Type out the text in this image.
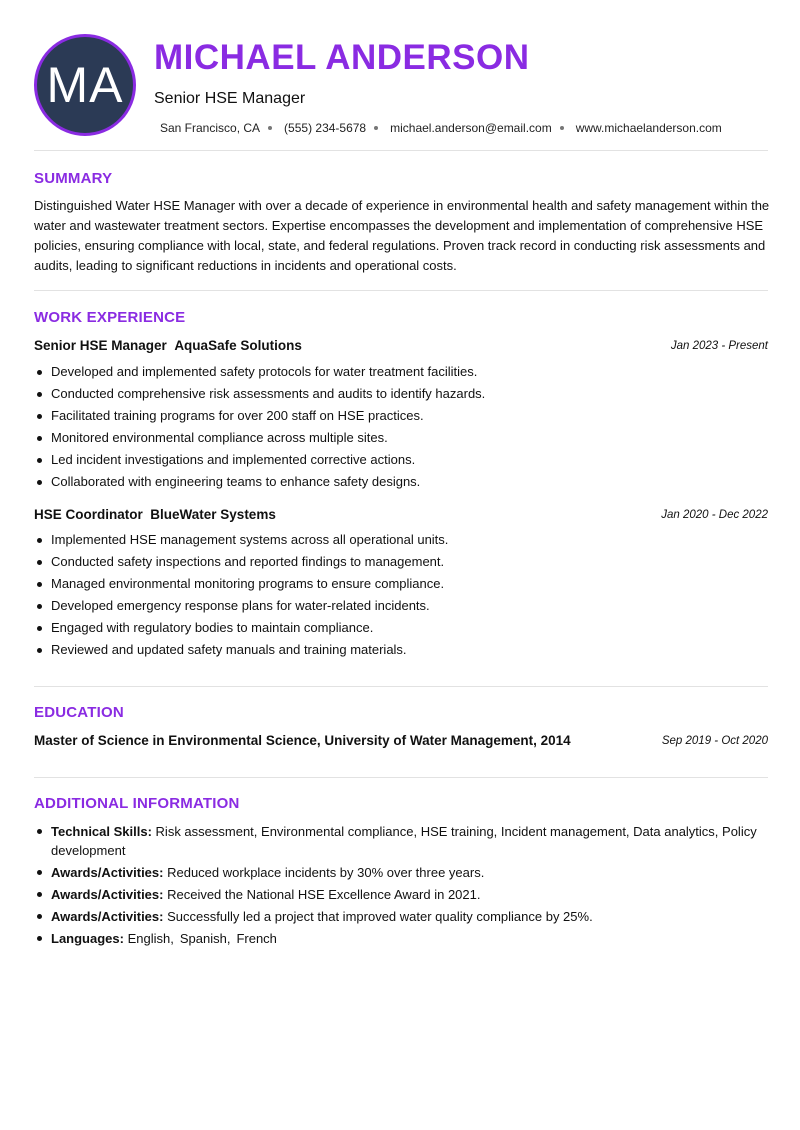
MA MICHAEL ANDERSON
Senior HSE Manager
San Francisco, CA (555) 234-5678 michael.anderson@email.com www.michaelanderson.com
SUMMARY
Distinguished Water HSE Manager with over a decade of experience in environmental health and safety management within the water and wastewater treatment sectors. Expertise encompasses the development and implementation of comprehensive HSE policies, ensuring compliance with local, state, and federal regulations. Proven track record in conducting risk assessments and audits, leading to significant reductions in incidents and operational costs.
WORK EXPERIENCE
Senior HSE Manager AquaSafe Solutions	Jan 2023 - Present
Developed and implemented safety protocols for water treatment facilities.
Conducted comprehensive risk assessments and audits to identify hazards.
Facilitated training programs for over 200 staff on HSE practices.
Monitored environmental compliance across multiple sites.
Led incident investigations and implemented corrective actions.
Collaborated with engineering teams to enhance safety designs.
HSE Coordinator BlueWater Systems	Jan 2020 - Dec 2022
Implemented HSE management systems across all operational units.
Conducted safety inspections and reported findings to management.
Managed environmental monitoring programs to ensure compliance.
Developed emergency response plans for water-related incidents.
Engaged with regulatory bodies to maintain compliance.
Reviewed and updated safety manuals and training materials.
EDUCATION
Master of Science in Environmental Science, University of Water Management, 2014	Sep 2019 - Oct 2020
ADDITIONAL INFORMATION
Technical Skills: Risk assessment, Environmental compliance, HSE training, Incident management, Data analytics, Policy development
Awards/Activities: Reduced workplace incidents by 30% over three years.
Awards/Activities: Received the National HSE Excellence Award in 2021.
Awards/Activities: Successfully led a project that improved water quality compliance by 25%.
Languages: English, Spanish, French
